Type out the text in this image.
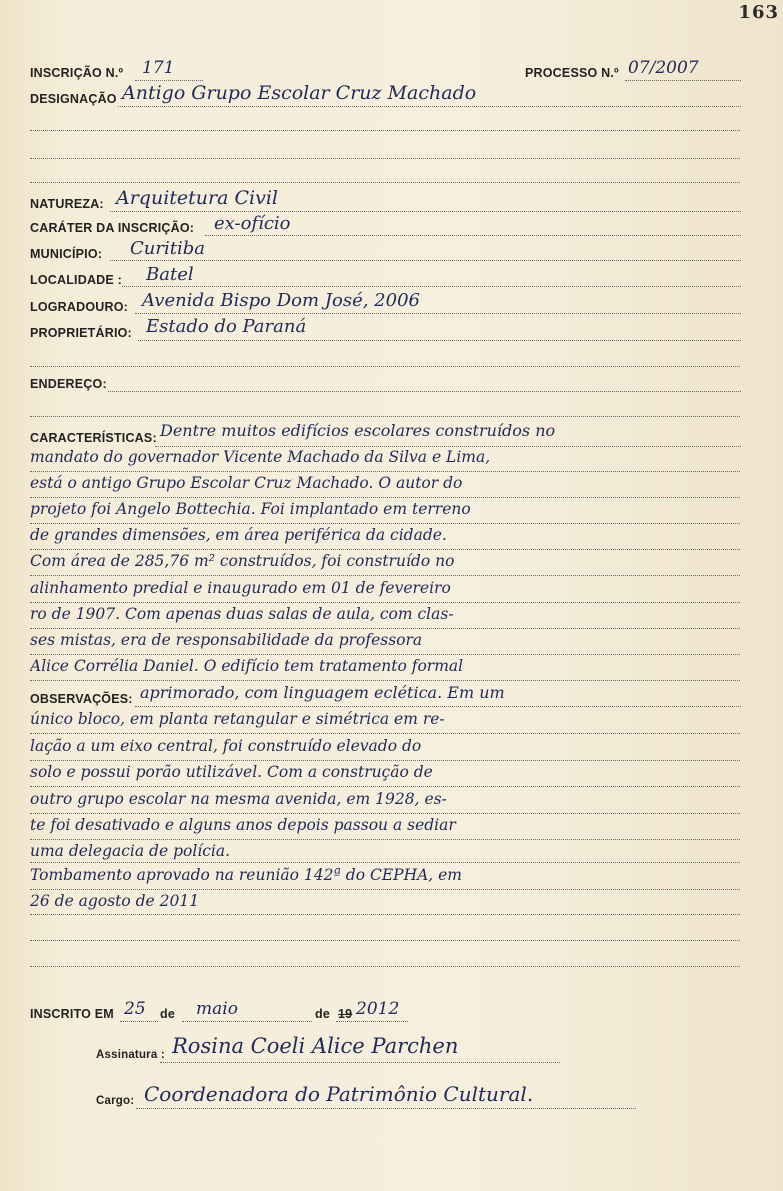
163
INSCRIÇÃO N.º 171	PROCESSO N.º 07/2007
DESIGNAÇÃO Antigo Grupo Escolar Cruz Machado
NATUREZA: Arquitetura Civil
CARÁTER DA INSCRIÇÃO: ex-ofício
MUNICÍPIO: Curitiba
LOCALIDADE : Batel
LOGRADOURO: Avenida Bispo Dom José, 2006
PROPRIETÁRIO: Estado do Paraná
ENDEREÇO:
CARACTERÍSTICAS: Dentre muitos edifícios escolares construídos no
mandato do governador Vicente Machado da Silva e Lima,
está o antigo Grupo Escolar Cruz Machado. O autor do
projeto foi Angelo Bottechia. Foi implantado em terreno
de grandes dimensões, em área periférica da cidade.
Com área de 285,76 m² construídos, foi construído no
alinhamento predial e inaugurado em 01 de fevereiro
ro de 1907. Com apenas duas salas de aula, com clas-
ses mistas, era de responsabilidade da professora
Alice Corrélia Daniel. O edifício tem tratamento formal
OBSERVAÇÕES: aprimorado, com linguagem eclética. Em um
único bloco, em planta retangular e simétrica em re-
lação a um eixo central, foi construído elevado do
solo e possui porão utilizável. Com a construção de
outro grupo escolar na mesma avenida, em 1928, es-
te foi desativado e alguns anos depois passou a sediar
uma delegacia de polícia.
Tombamento aprovado na reunião 142ª do CEPHA, em
26 de agosto de 2011
INSCRITO EM 25 de maio	de 19 2012
Assinatura : Rosina Coeli Alice Parchen
Cargo: Coordenadora do Patrimônio Cultural.
